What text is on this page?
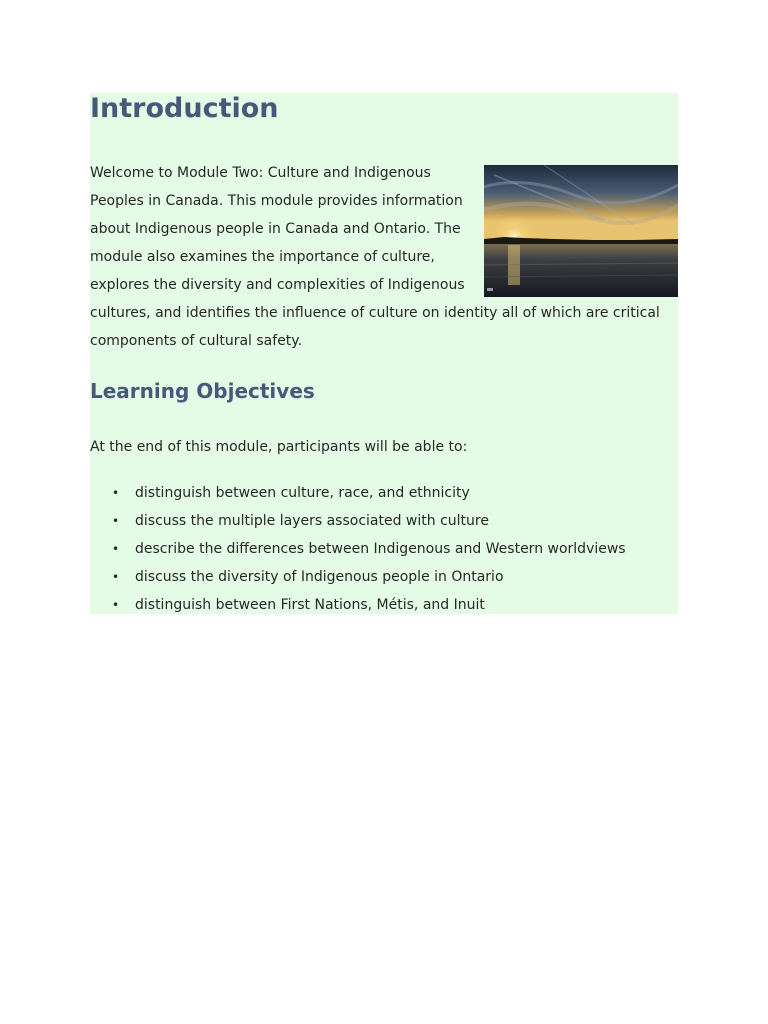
Introduction

Welcome to Module Two: Culture and Indigenous Peoples in Canada. This module provides information about Indigenous people in Canada and Ontario. The module also examines the importance of culture, explores the diversity and complexities of Indigenous cultures, and identifies the influence of culture on identity all of which are critical components of cultural safety.

Learning Objectives

At the end of this module, participants will be able to:

• distinguish between culture, race, and ethnicity
• discuss the multiple layers associated with culture
• describe the differences between Indigenous and Western worldviews
• discuss the diversity of Indigenous people in Ontario
• distinguish between First Nations, Métis, and Inuit
